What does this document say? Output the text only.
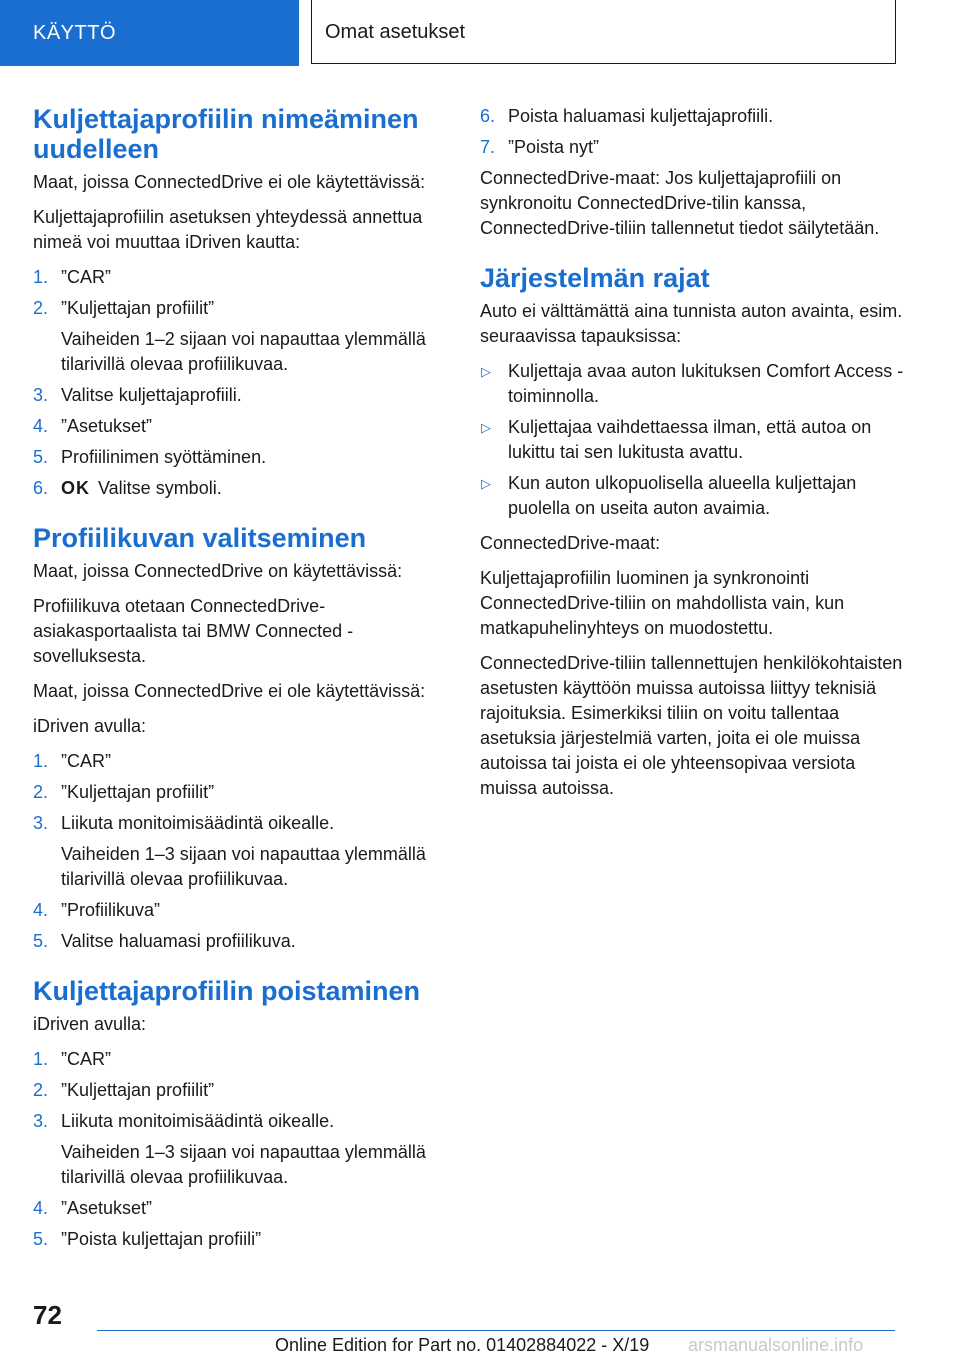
KÄYTTÖ	Omat asetukset
Kuljettajaprofiilin nimeäminen uudelleen

Maat, joissa ConnectedDrive ei ole käytettävissä:

Kuljettajaprofiilin asetuksen yhteydessä annettua nimeä voi muuttaa iDriven kautta:

1. ”CAR”
2. ”Kuljettajan profiilit”
Vaiheiden 1–2 sijaan voi napauttaa ylemmällä tilarivillä olevaa profiilikuvaa.
3. Valitse kuljettajaprofiili.
4. ”Asetukset”
5. Profiilinimen syöttäminen.
6. OK Valitse symboli.
Profiilikuvan valitseminen

Maat, joissa ConnectedDrive on käytettävissä:

Profiilikuva otetaan ConnectedDrive-asiakasportaalista tai BMW Connected -sovelluksesta.

Maat, joissa ConnectedDrive ei ole käytettävissä:

iDriven avulla:

1. ”CAR”
2. ”Kuljettajan profiilit”
3. Liikuta monitoimisäädintä oikealle.
Vaiheiden 1–3 sijaan voi napauttaa ylemmällä tilarivillä olevaa profiilikuvaa.
4. ”Profiilikuva”
5. Valitse haluamasi profiilikuva.
Kuljettajaprofiilin poistaminen

iDriven avulla:

1. ”CAR”
2. ”Kuljettajan profiilit”
3. Liikuta monitoimisäädintä oikealle.
Vaiheiden 1–3 sijaan voi napauttaa ylemmällä tilarivillä olevaa profiilikuvaa.
4. ”Asetukset”
5. ”Poista kuljettajan profiili”
6. Poista haluamasi kuljettajaprofiili.
7. ”Poista nyt”

ConnectedDrive-maat: Jos kuljettajaprofiili on synkronoitu ConnectedDrive-tilin kanssa, ConnectedDrive-tiliin tallennetut tiedot säilytetään.

Järjestelmän rajat

Auto ei välttämättä aina tunnista auton avainta, esim. seuraavissa tapauksissa:

▷ Kuljettaja avaa auton lukituksen Comfort Access -toiminnolla.
▷ Kuljettajaa vaihdettaessa ilman, että autoa on lukittu tai sen lukitusta avattu.
▷ Kun auton ulkopuolisella alueella kuljettajan puolella on useita auton avaimia.

ConnectedDrive-maat:

Kuljettajaprofiilin luominen ja synkronointi ConnectedDrive-tiliin on mahdollista vain, kun matkapuhelinyhteys on muodostettu.

ConnectedDrive-tiliin tallennettujen henkilökohtaisten asetusten käyttöön muissa autoissa liittyy teknisiä rajoituksia. Esimerkiksi tiliin on voitu tallentaa asetuksia järjestelmiä varten, joita ei ole muissa autoissa tai joista ei ole yhteensopivaa versiota muissa autoissa.

72
Online Edition for Part no. 01402884022 - X/19 arsmanualsonline.info
